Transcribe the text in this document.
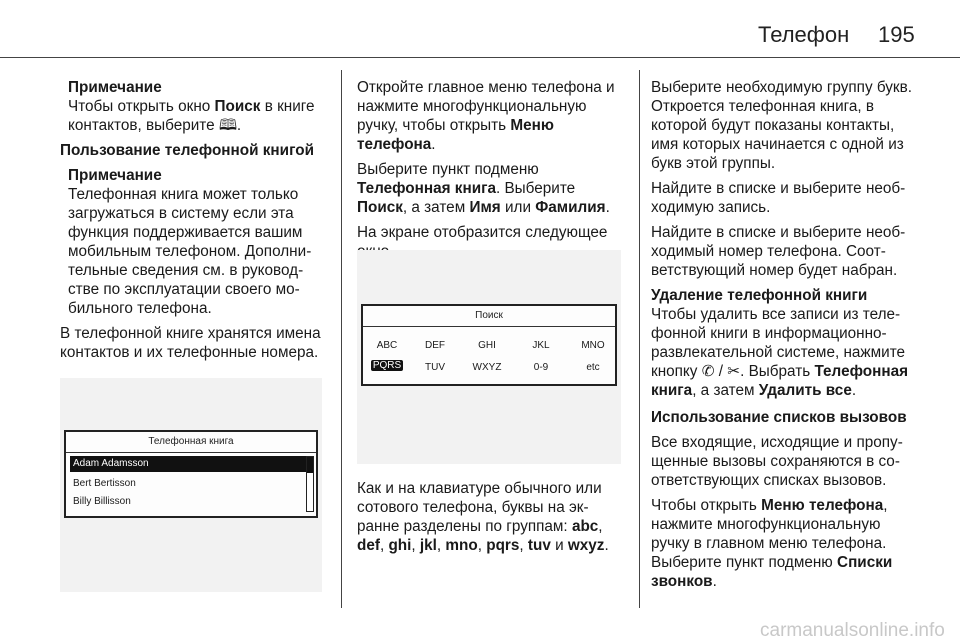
Телефон 195

Примечание
Чтобы открыть окно Поиск в книге контактов, выберите 🕮.

Пользование телефонной книгой

Примечание
Телефонная книга может только загружаться в систему если эта функция поддерживается вашим мобильным телефоном. Дополнительные сведения см. в руководстве по эксплуатации своего мобильного телефона.

В телефонной книге хранятся имена контактов и их телефонные номера.

Телефонная книга
Adam Adamsson
Bert Bertisson
Billy Billisson

Откройте главное меню телефона и нажмите многофункциональную ручку, чтобы открыть Меню телефона.

Выберите пункт подменю Телефонная книга. Выберите Поиск, а затем Имя или Фамилия.

На экране отобразится следующее

Поиск
ABC	DEF	GHI	JKL	MNO
PQRS	TUV	WXYZ	0-9	etc

Как и на клавиатуре обычного или сотового телефона, буквы на экранне разделены по группам: abc, def, ghi, jkl, mno, pqrs, tuv и wxyz.

Выберите необходимую группу букв. Откроется телефонная книга, в которой будут показаны контакты, имя которых начинается с одной из букв этой группы.

Найдите в списке и выберите необходимую запись.

Найдите в списке и выберите необходимый номер телефона. Соответствующий номер будет набран.

Удаление телефонной книги
Чтобы удалить все записи из телефонной книги в информационно-развлекательной системе, нажмите кнопку ✆ / ✂. Выбрать Телефонная книга, а затем Удалить все.

Использование списков вызовов

Все входящие, исходящие и пропущенные вызовы сохраняются в соответствующих списках вызовов.

Чтобы открыть Меню телефона, нажмите многофункциональную ручку в главном меню телефона. Выберите пункт подменю Списки звонков.

carmanualsonline.info
